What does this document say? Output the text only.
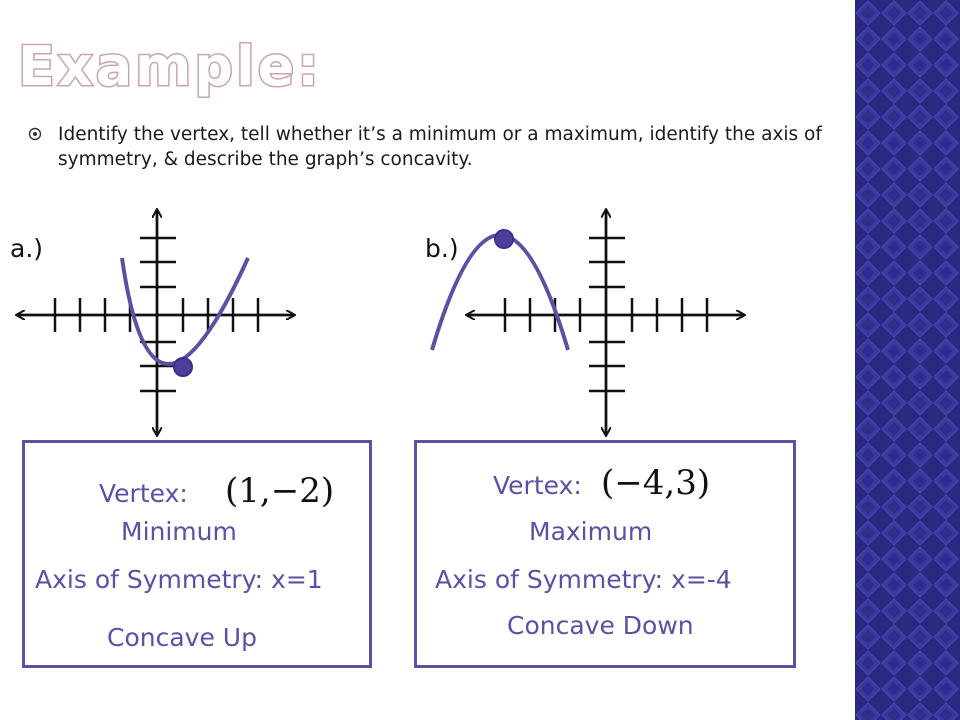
Example:
Identify the vertex, tell whether it’s a minimum or a maximum, identify the axis of symmetry, & describe the graph’s concavity.
a.)	b.)
Vertex: (1,−2)
Minimum
Axis of Symmetry: x=1
Concave Up
Vertex: (−4,3)
Maximum
Axis of Symmetry: x=-4
Concave Down
